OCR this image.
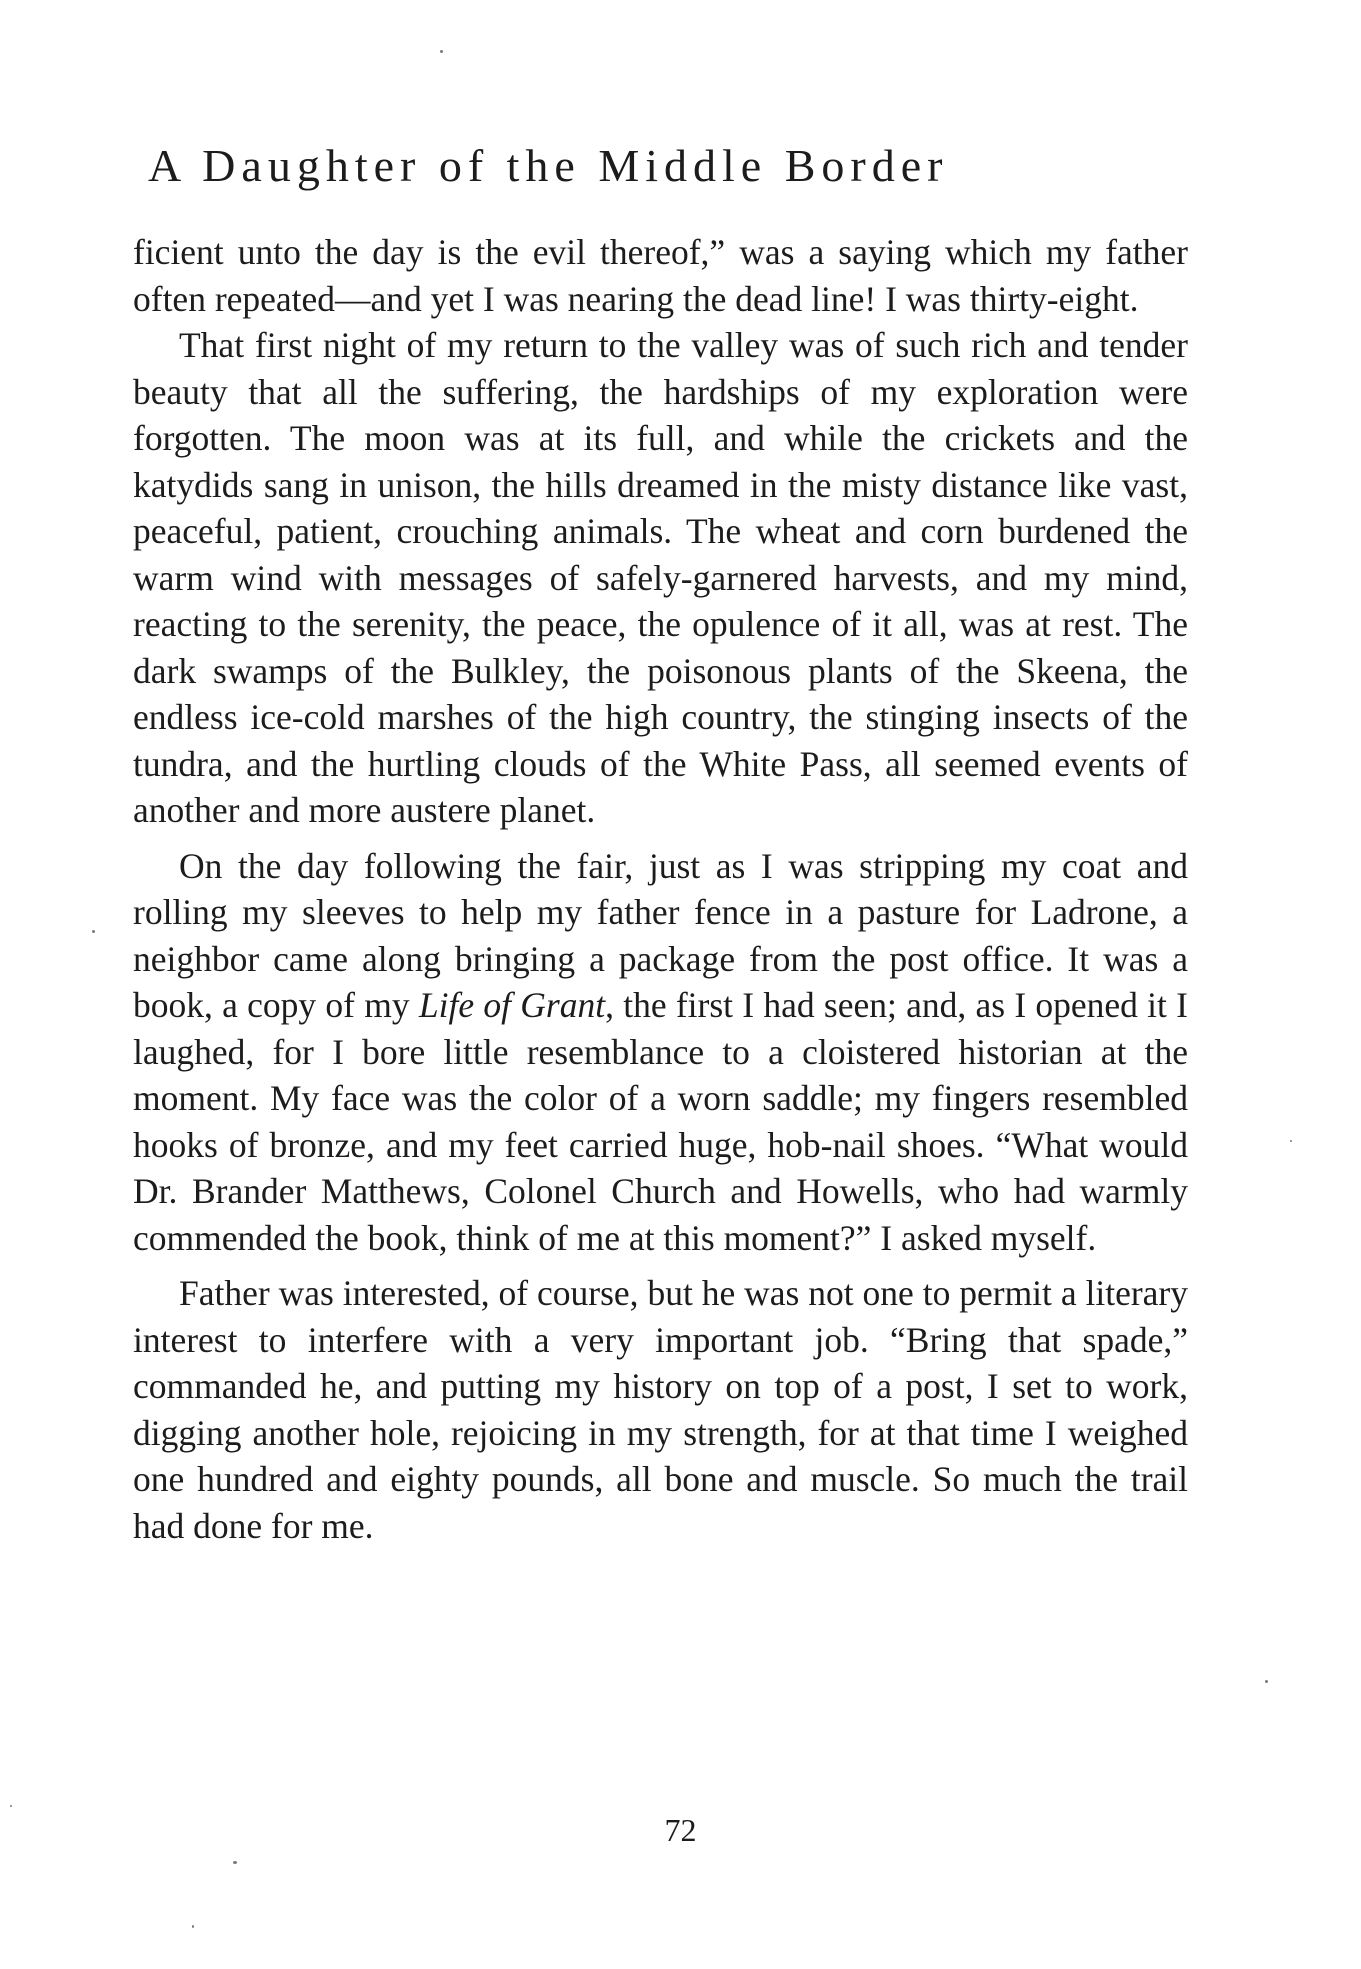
A Daughter of the Middle Border

ficient unto the day is the evil thereof,” was a saying which my father often repeated—and yet I was nearing the dead line! I was thirty-eight.

That first night of my return to the valley was of such rich and tender beauty that all the suffering, the hardships of my exploration were forgotten. The moon was at its full, and while the crickets and the katydids sang in unison, the hills dreamed in the misty distance like vast, peaceful, patient, crouching animals. The wheat and corn burdened the warm wind with messages of safely-garnered harvests, and my mind, reacting to the serenity, the peace, the opulence of it all, was at rest. The dark swamps of the Bulkley, the poisonous plants of the Skeena, the endless ice-cold marshes of the high country, the stinging insects of the tundra, and the hurtling clouds of the White Pass, all seemed events of another and more austere planet.

On the day following the fair, just as I was stripping my coat and rolling my sleeves to help my father fence in a pasture for Ladrone, a neighbor came along bringing a package from the post office. It was a book, a copy of my Life of Grant, the first I had seen; and, as I opened it I laughed, for I bore little resemblance to a cloistered historian at the moment. My face was the color of a worn saddle; my fingers resembled hooks of bronze, and my feet carried huge, hob-nail shoes. “What would Dr. Brander Matthews, Colonel Church and Howells, who had warmly commended the book, think of me at this moment?” I asked myself.

Father was interested, of course, but he was not one to permit a literary interest to interfere with a very important job. “Bring that spade,” commanded he, and putting my history on top of a post, I set to work, digging another hole, rejoicing in my strength, for at that time I weighed one hundred and eighty pounds, all bone and muscle. So much the trail had done for me.

72
